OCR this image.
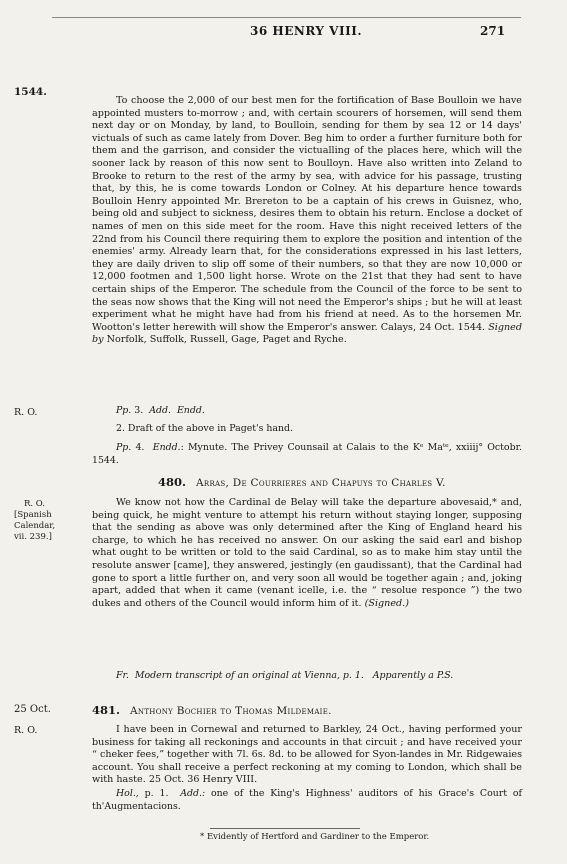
36 HENRY VIII.	271
1544.
To choose the 2,000 of our best men for the fortification of Base Boulloin we have appointed musters to-morrow ; and, with certain scourers of horsemen, will send them next day or on Monday, by land, to Boulloin, sending for them by sea 12 or 14 days' victuals of such as came lately from Dover. Beg him to order a further furniture both for them and the garrison, and consider the victualling of the places here, which will the sooner lack by reason of this now sent to Boulloyn. Have also written into Zeland to Brooke to return to the rest of the army by sea, with advice for his passage, trusting that, by this, he is come towards London or Colney. At his departure hence towards Boulloin Henry appointed Mr. Brereton to be a captain of his crews in Guisnez, who, being old and subject to sickness, desires them to obtain his return. Enclose a docket of names of men on this side meet for the room. Have this night received letters of the 22nd from his Council there requiring them to explore the position and intention of the enemies' army. Already learn that, for the considerations expressed in his last letters, they are daily driven to slip off some of their numbers, so that they are now 10,000 or 12,000 footmen and 1,500 light horse. Wrote on the 21st that they had sent to have certain ships of the Emperor. The schedule from the Council of the force to be sent to the seas now shows that the King will not need the Emperor's ships ; but he will at least experiment what he might have had from his friend at need. As to the horsemen Mr. Wootton's letter herewith will show the Emperor's answer. Calays, 24 Oct. 1544. Signed by Norfolk, Suffolk, Russell, Gage, Paget and Ryche.
R. O.	Pp. 3. Add. Endd.
2. Draft of the above in Paget's hand.
Pp. 4. Endd.: Mynute. The Privey Counsail at Calais to the Kᵉ Maᵗᵉ, xxiiij° Octobr. 1544.
480. Arras, De Courrieres and Chapuys to Charles V.
R. O.
[Spanish
Calendar,
vii. 239.]
We know not how the Cardinal de Belay will take the departure abovesaid,* and, being quick, he might venture to attempt his return without staying longer, supposing that the sending as above was only determined after the King of England heard his charge, to which he has received no answer. On our asking the said earl and bishop what ought to be written or told to the said Cardinal, so as to make him stay until the resolute answer [came], they answered, jestingly (en gaudissant), that the Cardinal had gone to sport a little further on, and very soon all would be together again ; and, joking apart, added that when it came (venant icelle, i.e. the “ resolue responce ”) the two dukes and others of the Council would inform him of it. (Signed.)
Fr. Modern transcript of an original at Vienna, p. 1. Apparently a P.S.
25 Oct.	481. Anthony Bochier to Thomas Mildemaie.
R. O.	I have been in Cornewal and returned to Barkley, 24 Oct., having performed your business for taking all reckonings and accounts in that circuit ; and have received your “ cheker fees,” together with 7l. 6s. 8d. to be allowed for Syon-landes in Mr. Ridgewaies account. You shall receive a perfect reckoning at my coming to London, which shall be with haste. 25 Oct. 36 Henry VIII.
Hol., p. 1. Add.: one of the King's Highness' auditors of his Grace's Court of th'Augmentacions.
* Evidently of Hertford and Gardiner to the Emperor.
